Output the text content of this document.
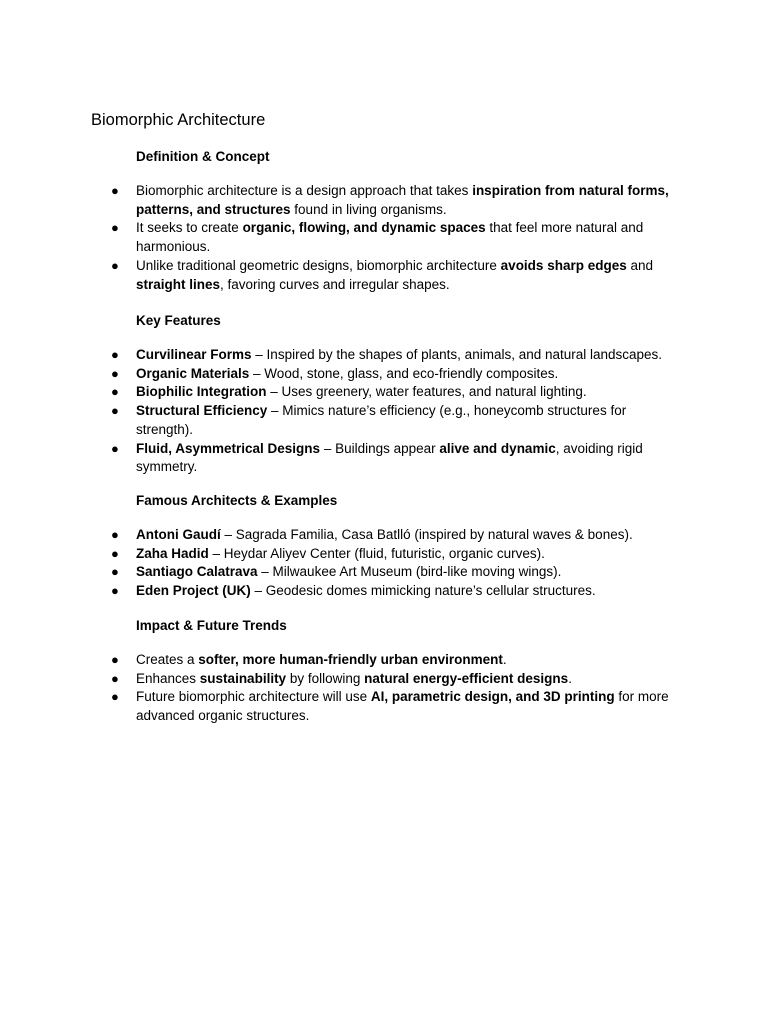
Biomorphic Architecture
Definition & Concept
● Biomorphic architecture is a design approach that takes inspiration from natural forms, patterns, and structures found in living organisms.
● It seeks to create organic, flowing, and dynamic spaces that feel more natural and harmonious.
● Unlike traditional geometric designs, biomorphic architecture avoids sharp edges and straight lines, favoring curves and irregular shapes.
Key Features
● Curvilinear Forms – Inspired by the shapes of plants, animals, and natural landscapes.
● Organic Materials – Wood, stone, glass, and eco-friendly composites.
● Biophilic Integration – Uses greenery, water features, and natural lighting.
● Structural Efficiency – Mimics nature’s efficiency (e.g., honeycomb structures for strength).
● Fluid, Asymmetrical Designs – Buildings appear alive and dynamic, avoiding rigid symmetry.
Famous Architects & Examples
● Antoni Gaudí – Sagrada Familia, Casa Batlló (inspired by natural waves & bones).
● Zaha Hadid – Heydar Aliyev Center (fluid, futuristic, organic curves).
● Santiago Calatrava – Milwaukee Art Museum (bird-like moving wings).
● Eden Project (UK) – Geodesic domes mimicking nature’s cellular structures.
Impact & Future Trends
● Creates a softer, more human-friendly urban environment.
● Enhances sustainability by following natural energy-efficient designs.
● Future biomorphic architecture will use AI, parametric design, and 3D printing for more advanced organic structures.
